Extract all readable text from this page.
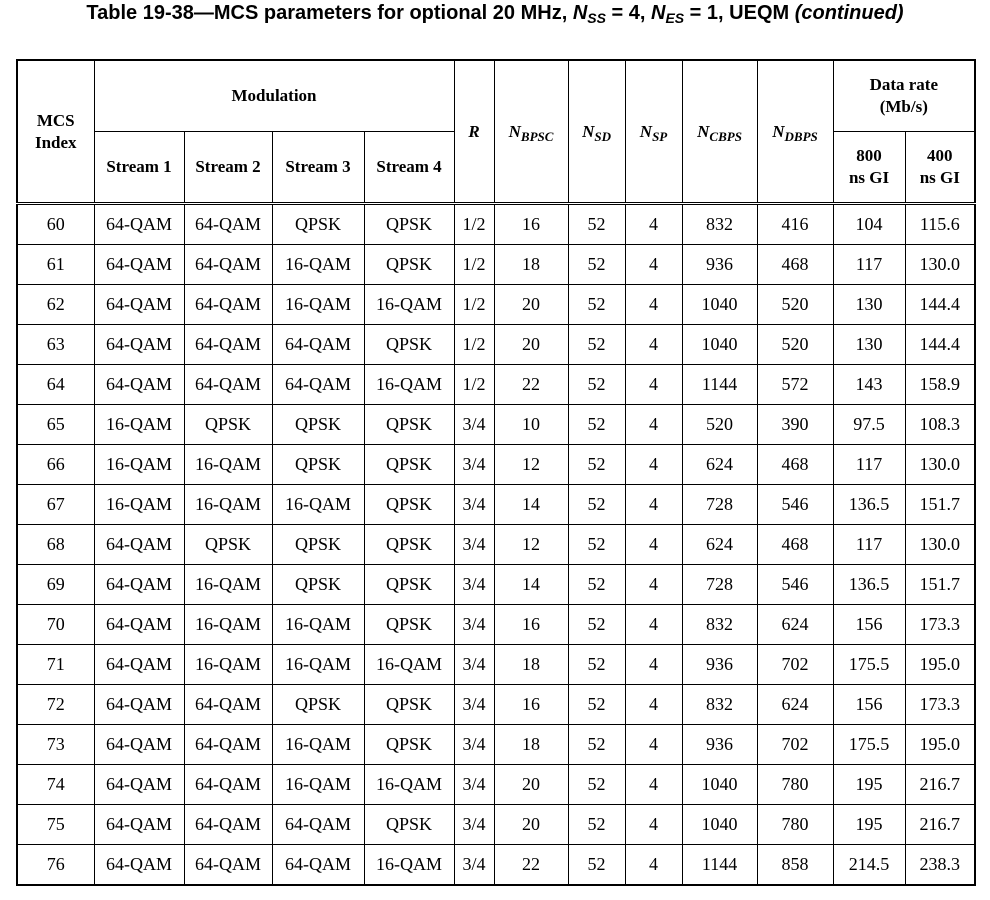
Table 19-38—MCS parameters for optional 20 MHz, $N_{SS} = 4$, $N_{ES} = 1$, UEQM (continued)
MCS Index	Modulation				R	$N_{BPSC}$	$N_{SD}$	$N_{SP}$	$N_{CBPS}$	$N_{DBPS}$	Data rate (Mb/s)	
	Stream 1	Stream 2	Stream 3	Stream 4							800 ns GI	400 ns GI
60	64-QAM	64-QAM	QPSK	QPSK	1/2	16	52	4	832	416	104	115.6
61	64-QAM	64-QAM	16-QAM	QPSK	1/2	18	52	4	936	468	117	130.0
62	64-QAM	64-QAM	16-QAM	16-QAM	1/2	20	52	4	1040	520	130	144.4
63	64-QAM	64-QAM	64-QAM	QPSK	1/2	20	52	4	1040	520	130	144.4
64	64-QAM	64-QAM	64-QAM	16-QAM	1/2	22	52	4	1144	572	143	158.9
65	16-QAM	QPSK	QPSK	QPSK	3/4	10	52	4	520	390	97.5	108.3
66	16-QAM	16-QAM	QPSK	QPSK	3/4	12	52	4	624	468	117	130.0
67	16-QAM	16-QAM	16-QAM	QPSK	3/4	14	52	4	728	546	136.5	151.7
68	64-QAM	QPSK	QPSK	QPSK	3/4	12	52	4	624	468	117	130.0
69	64-QAM	16-QAM	QPSK	QPSK	3/4	14	52	4	728	546	136.5	151.7
70	64-QAM	16-QAM	16-QAM	QPSK	3/4	16	52	4	832	624	156	173.3
71	64-QAM	16-QAM	16-QAM	16-QAM	3/4	18	52	4	936	702	175.5	195.0
72	64-QAM	64-QAM	QPSK	QPSK	3/4	16	52	4	832	624	156	173.3
73	64-QAM	64-QAM	16-QAM	QPSK	3/4	18	52	4	936	702	175.5	195.0
74	64-QAM	64-QAM	16-QAM	16-QAM	3/4	20	52	4	1040	780	195	216.7
75	64-QAM	64-QAM	64-QAM	QPSK	3/4	20	52	4	1040	780	195	216.7
76	64-QAM	64-QAM	64-QAM	16-QAM	3/4	22	52	4	1144	858	214.5	238.3
